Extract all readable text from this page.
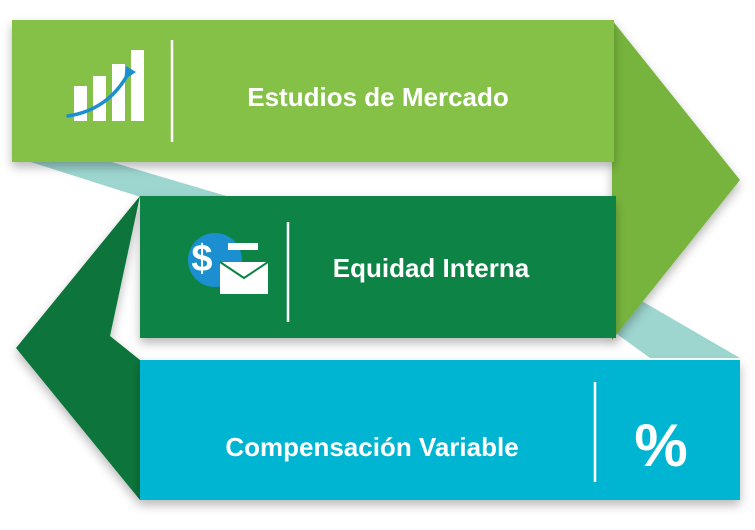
Estudios de Mercado
$	Equidad Interna
Compensación Variable %
